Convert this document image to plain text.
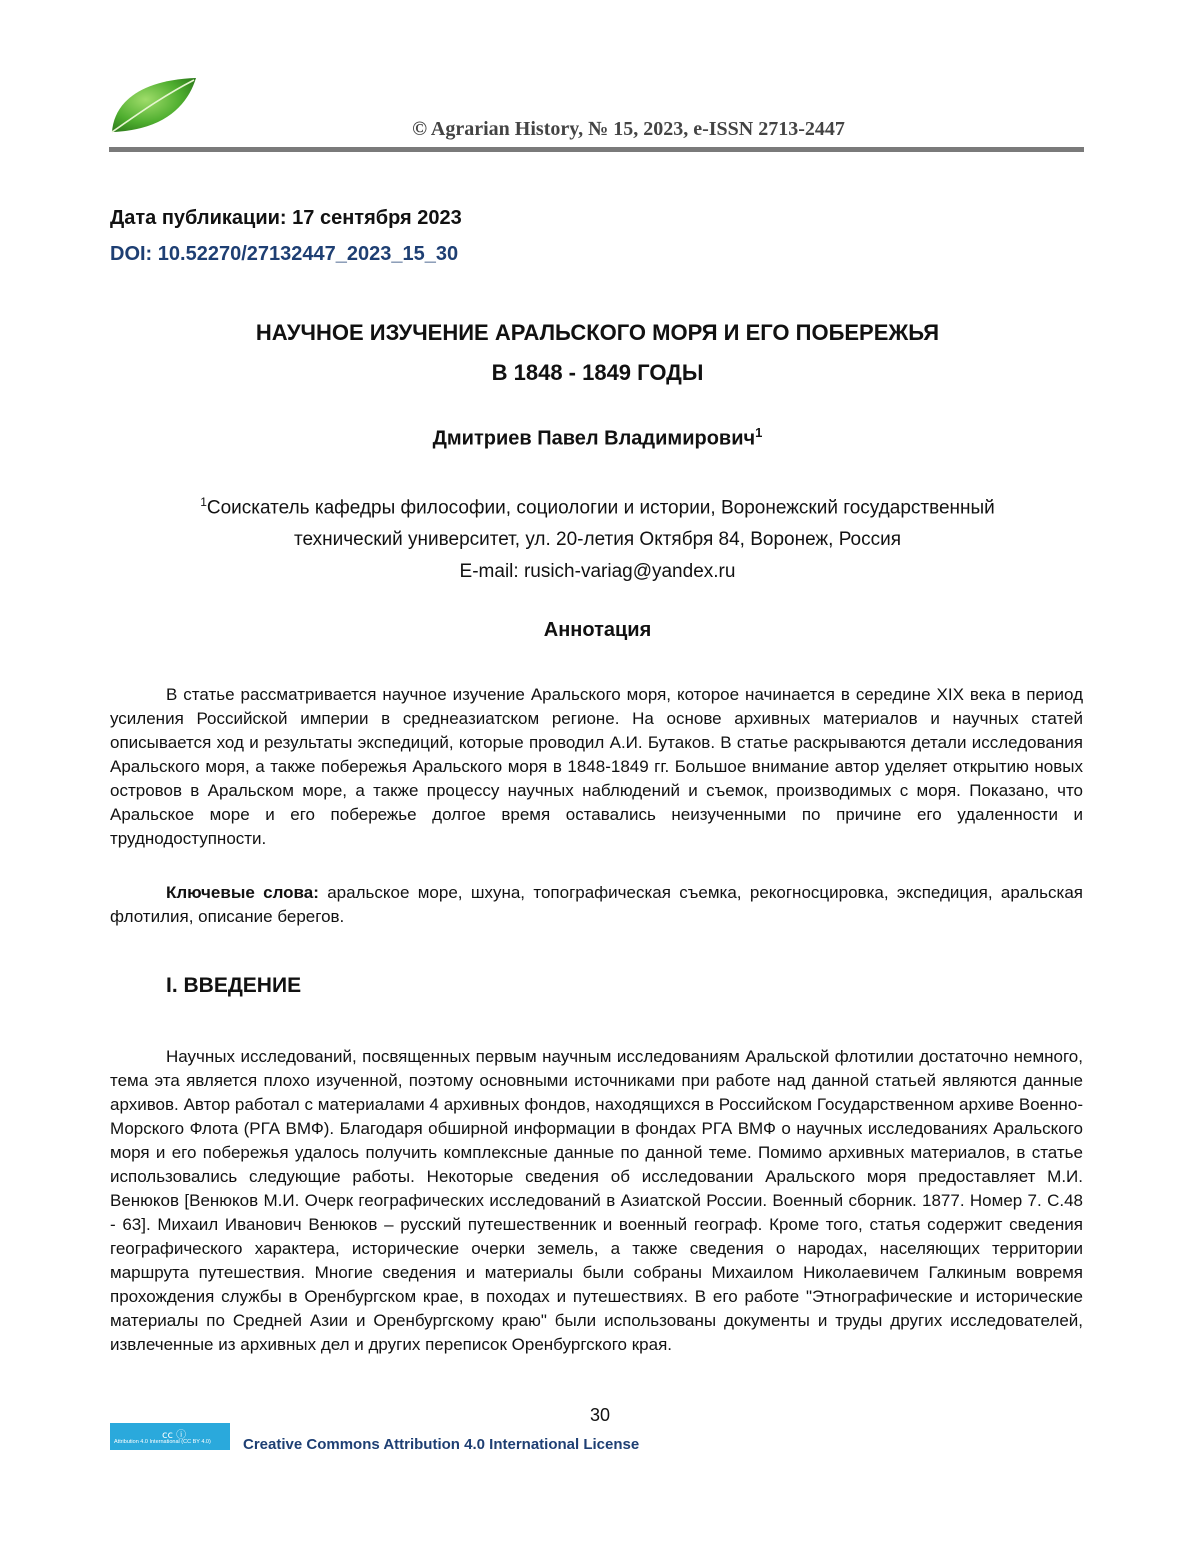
© Agrarian History, № 15, 2023, e-ISSN 2713-2447
Дата публикации: 17 сентября 2023
DOI: 10.52270/27132447_2023_15_30
НАУЧНОЕ ИЗУЧЕНИЕ АРАЛЬСКОГО МОРЯ И ЕГО ПОБЕРЕЖЬЯ
В 1848 - 1849 ГОДЫ
Дмитриев Павел Владимирович$^1$
$^1$Соискатель кафедры философии, социологии и истории, Воронежский государственный
технический университет, ул. 20-летия Октября 84, Воронеж, Россия
E-mail: rusich-variag@yandex.ru
Аннотация
В статье рассматривается научное изучение Аральского моря, которое начинается в середине XIX века в период усиления Российской империи в среднеазиатском регионе. На основе архивных материалов и научных статей описывается ход и результаты экспедиций, которые проводил А.И. Бутаков. В статье раскрываются детали исследования Аральского моря, а также побережья Аральского моря в 1848-1849 гг. Большое внимание автор уделяет открытию новых островов в Аральском море, а также процессу научных наблюдений и съемок, производимых с моря. Показано, что Аральское море и его побережье долгое время оставались неизученными по причине его удаленности и труднодоступности.
Ключевые слова: аральское море, шхуна, топографическая съемка, рекогносцировка, экспедиция, аральская флотилия, описание берегов.
I. ВВЕДЕНИЕ
Научных исследований, посвященных первым научным исследованиям Аральской флотилии достаточно немного, тема эта является плохо изученной, поэтому основными источниками при работе над данной статьей являются данные архивов. Автор работал с материалами 4 архивных фондов, находящихся в Российском Государственном архиве Военно-Морского Флота (РГА ВМФ). Благодаря обширной информации в фондах РГА ВМФ о научных исследованиях Аральского моря и его побережья удалось получить комплексные данные по данной теме. Помимо архивных материалов, в статье использовались следующие работы. Некоторые сведения об исследовании Аральского моря предоставляет М.И. Венюков [Венюков М.И. Очерк географических исследований в Азиатской России. Военный сборник. 1877. Номер 7. С.48 - 63]. Михаил Иванович Венюков – русский путешественник и военный географ. Кроме того, статья содержит сведения географического характера, исторические очерки земель, а также сведения о народах, населяющих территории маршрута путешествия. Многие сведения и материалы были собраны Михаилом Николаевичем Галкиным вовремя прохождения службы в Оренбургском крае, в походах и путешествиях. В его работе "Этнографические и исторические материалы по Средней Азии и Оренбургскому краю" были использованы документы и труды других исследователей, извлеченные из архивных дел и других переписок Оренбургского края.
30
cc ⓘ
Attribution 4.0 International (CC BY 4.0) Creative Commons Attribution 4.0 International License
